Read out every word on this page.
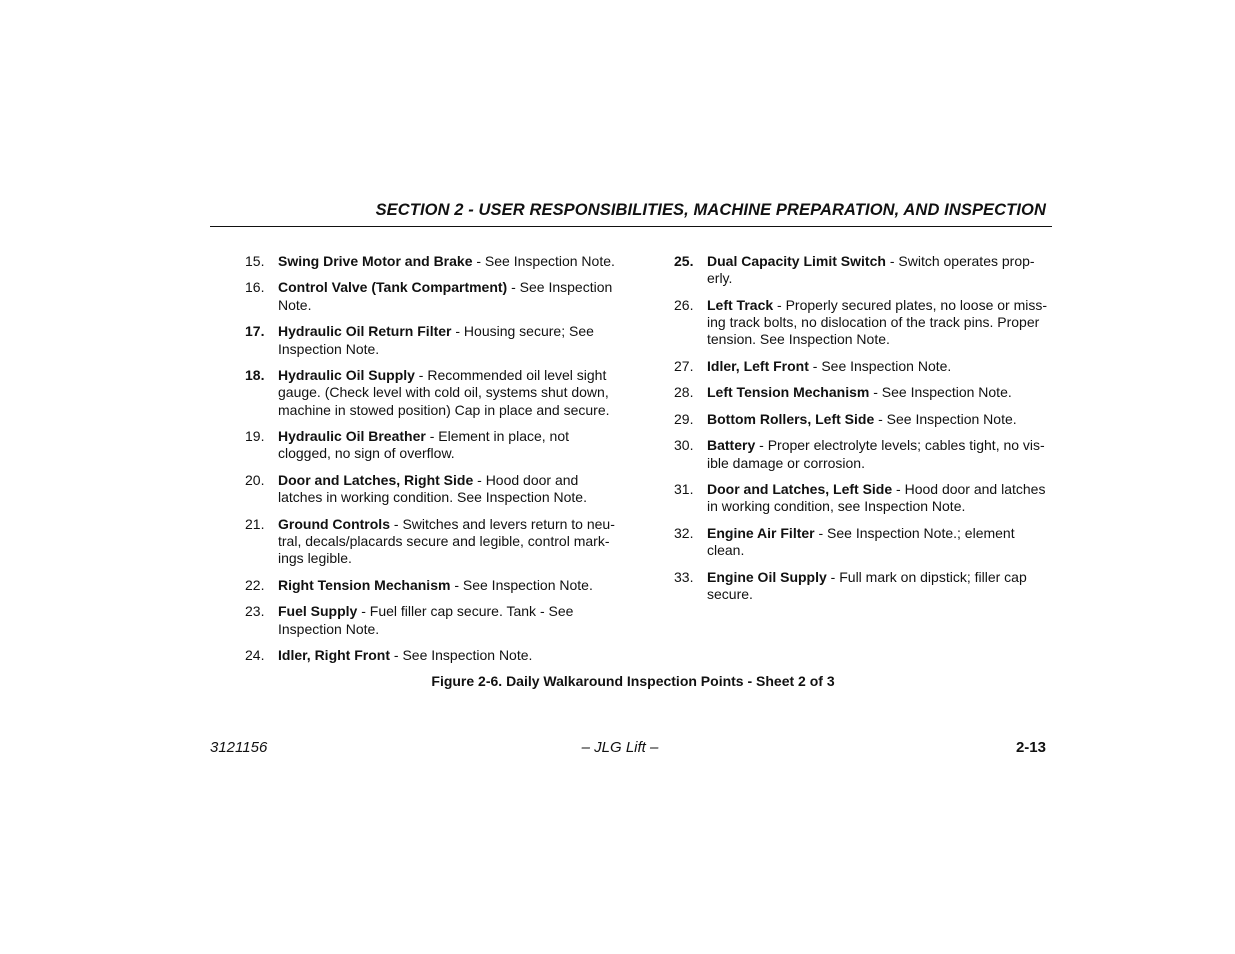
SECTION 2 - USER RESPONSIBILITIES, MACHINE PREPARATION, AND INSPECTION
15. Swing Drive Motor and Brake - See Inspection Note.
16. Control Valve (Tank Compartment) - See Inspection Note.
17. Hydraulic Oil Return Filter - Housing secure; See Inspection Note.
18. Hydraulic Oil Supply - Recommended oil level sight gauge. (Check level with cold oil, systems shut down, machine in stowed position) Cap in place and secure.
19. Hydraulic Oil Breather - Element in place, not clogged, no sign of overflow.
20. Door and Latches, Right Side - Hood door and latches in working condition. See Inspection Note.
21. Ground Controls - Switches and levers return to neu-tral, decals/placards secure and legible, control mark-ings legible.
22. Right Tension Mechanism - See Inspection Note.
23. Fuel Supply - Fuel filler cap secure. Tank - See Inspection Note.
24. Idler, Right Front - See Inspection Note.
25. Dual Capacity Limit Switch - Switch operates prop-erly.
26. Left Track - Properly secured plates, no loose or miss-ing track bolts, no dislocation of the track pins. Proper tension. See Inspection Note.
27. Idler, Left Front - See Inspection Note.
28. Left Tension Mechanism - See Inspection Note.
29. Bottom Rollers, Left Side - See Inspection Note.
30. Battery - Proper electrolyte levels; cables tight, no vis-ible damage or corrosion.
31. Door and Latches, Left Side - Hood door and latches in working condition, see Inspection Note.
32. Engine Air Filter - See Inspection Note.; element clean.
33. Engine Oil Supply - Full mark on dipstick; filler cap secure.
Figure 2-6. Daily Walkaround Inspection Points - Sheet 2 of 3
3121156	– JLG Lift –	2-13
